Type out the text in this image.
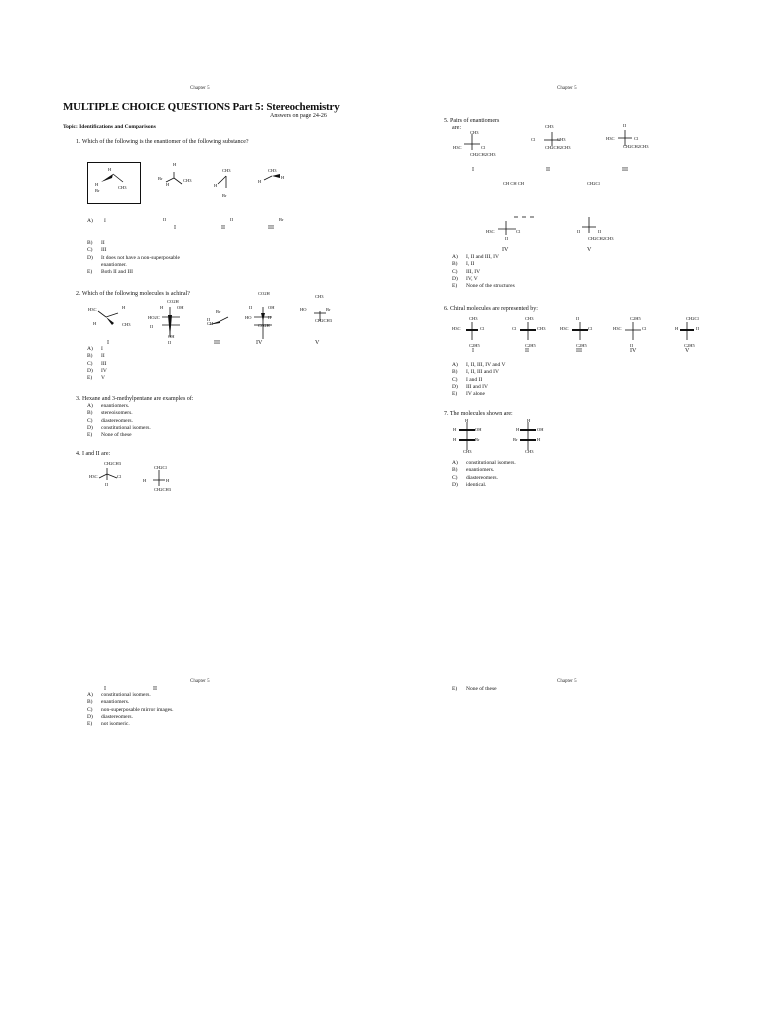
Chapter 5
MULTIPLE CHOICE QUESTIONS Part 5: Stereochemistry
Answers on page 24-26
Topic: Identifications and Comparisons
1. Which of the following is the enantiomer of the following substance?
H
CH3
H
Br
H
CH3
Br
H
CH3
H
Br
CH3
H
H
A) I	II	II	Br
I	II	III
B)	II
C)	III
D)	It does not have a non-superposable
enantiomer.
E)	Both II and III
2. Which of the following molecules is achiral?
H3C	H
CH3
H
CO2H
H	OH
HO2C
II
Br
CH
II
CO2H
II	OH
HO	II
CO2H
CH3
HO	Br
CH2CH3
OH
II
I	III	IV	V
A)	I
B)	II
C)	III
D)	IV
E)	V
3. Hexane and 3-methylpentane are examples of:
A)	enantiomers.
B)	stereoisomers.
C)	diastereomers.
D)	constitutional isomers.
E)	None of these
4. I and II are:
CH2CH3
H3C	Cl
II
CH2Cl
H	H
CH2CH3
Chapter 5
5. Pairs of enantiomers
are:
CH3
H3C	Cl
CH2CH2CH3
CH3
Cl	CH3
CH2CH2CH3
II
H3C	Cl
CH2CH2CH3
I	II	III
CH CH CH	CH2Cl
H3C	Cl
II
II	II
CH2CH2CH3
IV	V
A)	I, II and III, IV
B)	I, II
C)	III, IV
D)	IV, V
E)	None of the structures
6. Chiral molecules are represented by:
CH3	CH3	II	C2H5	CH2Cl
H3C	Cl	Cl	CH3	H3C	Cl	H3C	Cl	H	II
C2H5	C2H5	C2H5	II	C2H5
I	II	III	IV	V
A)	I, II, III, IV and V
B)	I, II, III and IV
C)	I and II
D)	III and IV
E)	IV alone
7. The molecules shown are:
H	H
H	OH	H	OH
H	Br	Br	H
CH3	CH3
A)	constitutional isomers.
B)	enantiomers.
C)	diastereomers.
D)	identical.
Chapter 5
I	II
A)	constitutional isomers.
B)	enantiomers.
C)	non-superposable mirror images.
D)	diastereomers.
E)	not isomeric.
Chapter 5
E)	None of these
